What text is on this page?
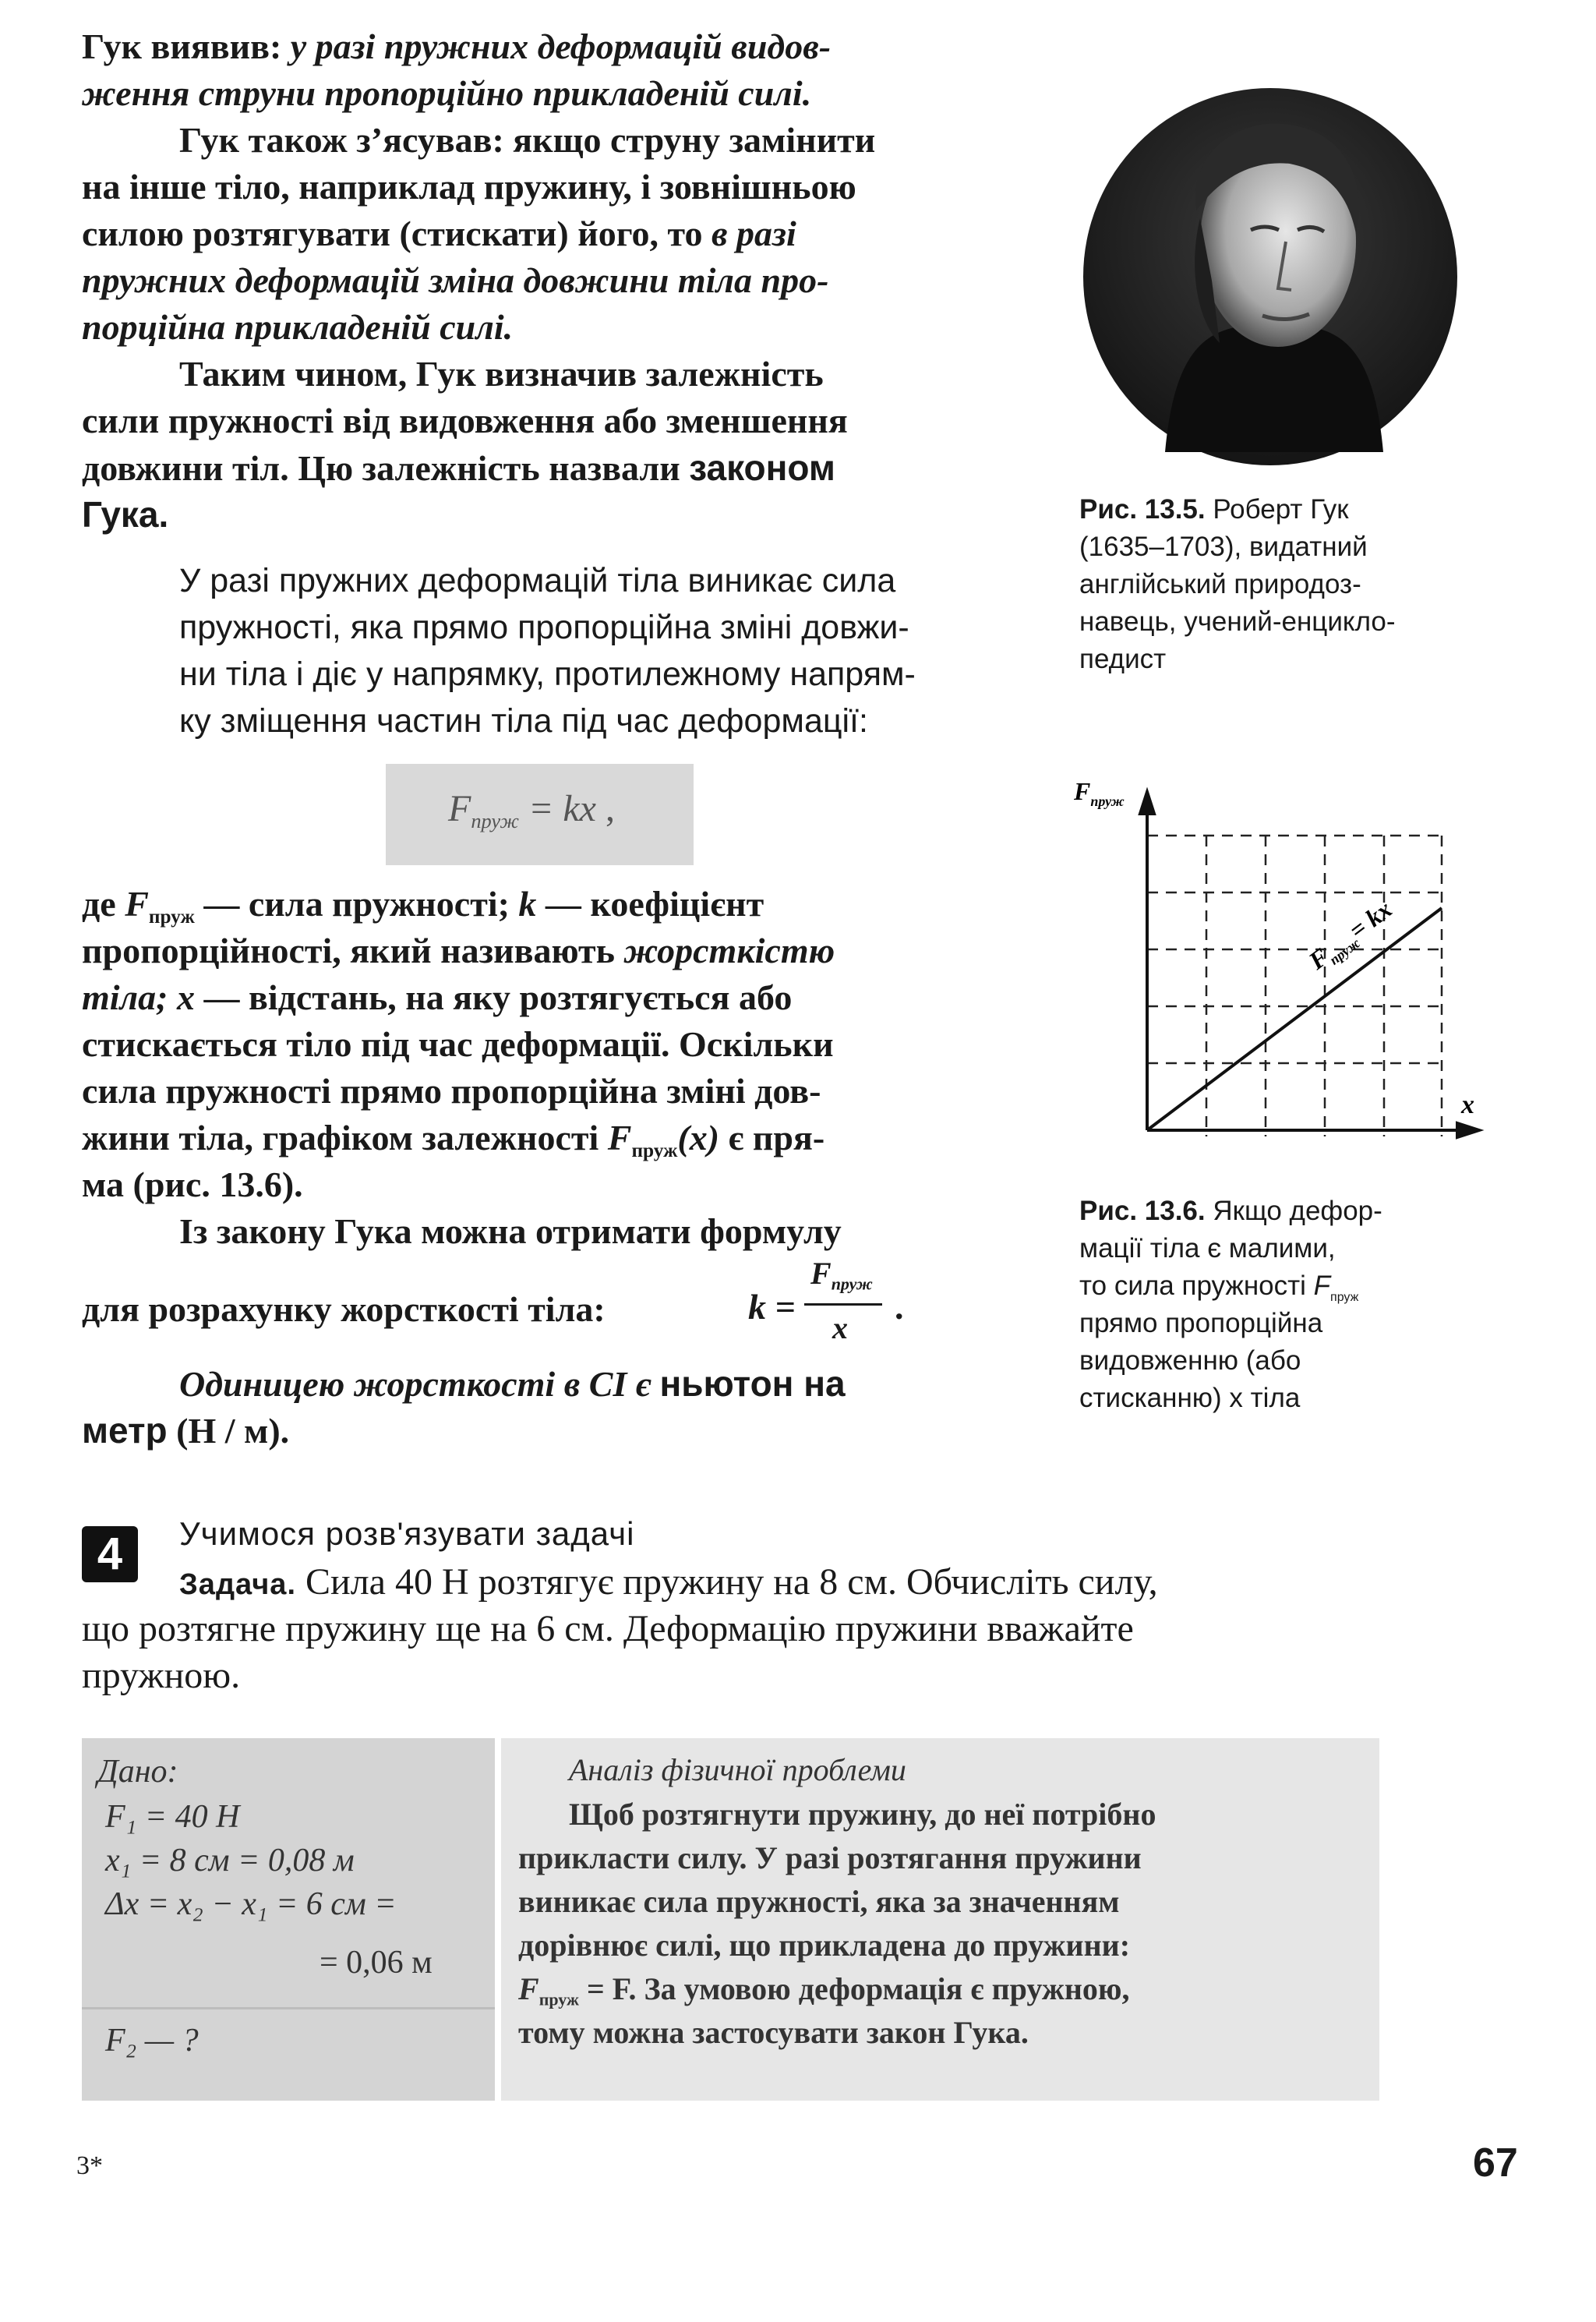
Гук виявив: у разі пружних деформацій видов-
ження струни пропорційно прикладеній силі.
Гук також з’ясував: якщо струну замінити
на інше тіло, наприклад пружину, і зовнішньою
силою розтягувати (стискати) його, то в разі
пружних деформацій зміна довжини тіла про-
порційна прикладеній силі.
Таким чином, Гук визначив залежність
сили пружності від видовження або зменшення
довжини тіл. Цю залежність назвали законом
Гука.
У разі пружних деформацій тіла виникає сила
пружності, яка прямо пропорційна зміні довжи-
ни тіла і діє у напрямку, протилежному напрям-
ку зміщення частин тіла під час деформації:
$F_{пруж}$ = kx ,
де $F_{пруж}$ — сила пружності; k — коефіцієнт
пропорційності, який називають жорсткістю
тіла; x — відстань, на яку розтягується або
стискається тіло під час деформації. Оскільки
сила пружності прямо пропорційна зміні дов-
жини тіла, графіком залежності $F_{пруж}(x)$ є пря-
ма (рис. 13.6).
Із закону Гука можна отримати формулу
для розрахунку жорсткості тіла:	k =
$F_{пруж}$
x
.
Одиницею жорсткості в СІ є ньютон на
метр (Н / м).
Рис. 13.5. Роберт Гук
(1635–1703), видатний
англійський природоз-
навець, учений-енцикло-
педист
$F_{пруж}$
x
$F_{пруж}=$ kx
Рис. 13.6. Якщо дефор-
мації тіла є малими,
то сила пружності $F_{пруж}$
прямо пропорційна
видовженню (або
стисканню) x тіла
4	Учимося розв'язувати задачі
Задача. Сила 40 Н розтягує пружину на 8 см. Обчисліть силу,
що розтягне пружину ще на 6 см. Деформацію пружини вважайте
пружною.
Дано:
F₁ = 40 Н
x₁ = 8 см = 0,08 м
Δx = x₂ − x₁ = 6 см =
= 0,06 м
F₂ — ?
Аналіз фізичної проблеми
Щоб розтягнути пружину, до неї потрібно
прикласти силу. У разі розтягання пружини
виникає сила пружності, яка за значенням
дорівнює силі, що прикладена до пружини:
$F_{пруж} = F$. За умовою деформація є пружною,
тому можна застосувати закон Гука.
3*	67
